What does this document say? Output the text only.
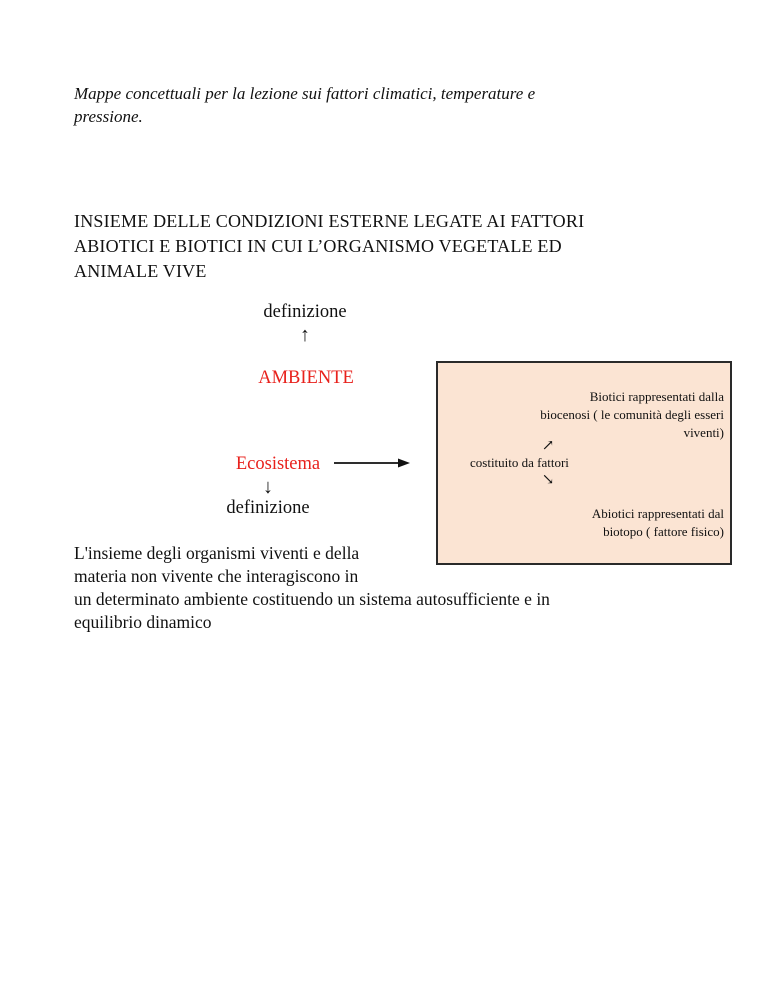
Mappe concettuali per la lezione sui fattori climatici, temperature e
pressione.
INSIEME DELLE CONDIZIONI ESTERNE LEGATE AI FATTORI
ABIOTICI E BIOTICI IN CUI L’ORGANISMO VEGETALE ED
ANIMALE VIVE
definizione
↑
AMBIENTE
Ecosistema
↓
definizione
Biotici rappresentati dalla
biocenosi ( le comunità degli esseri
viventi)
↗
costituito da fattori
↘
Abiotici rappresentati dal
biotopo ( fattore fisico)
L'insieme degli organismi viventi e della
materia non vivente che interagiscono in
un determinato ambiente costituendo un sistema autosufficiente e in
equilibrio dinamico
